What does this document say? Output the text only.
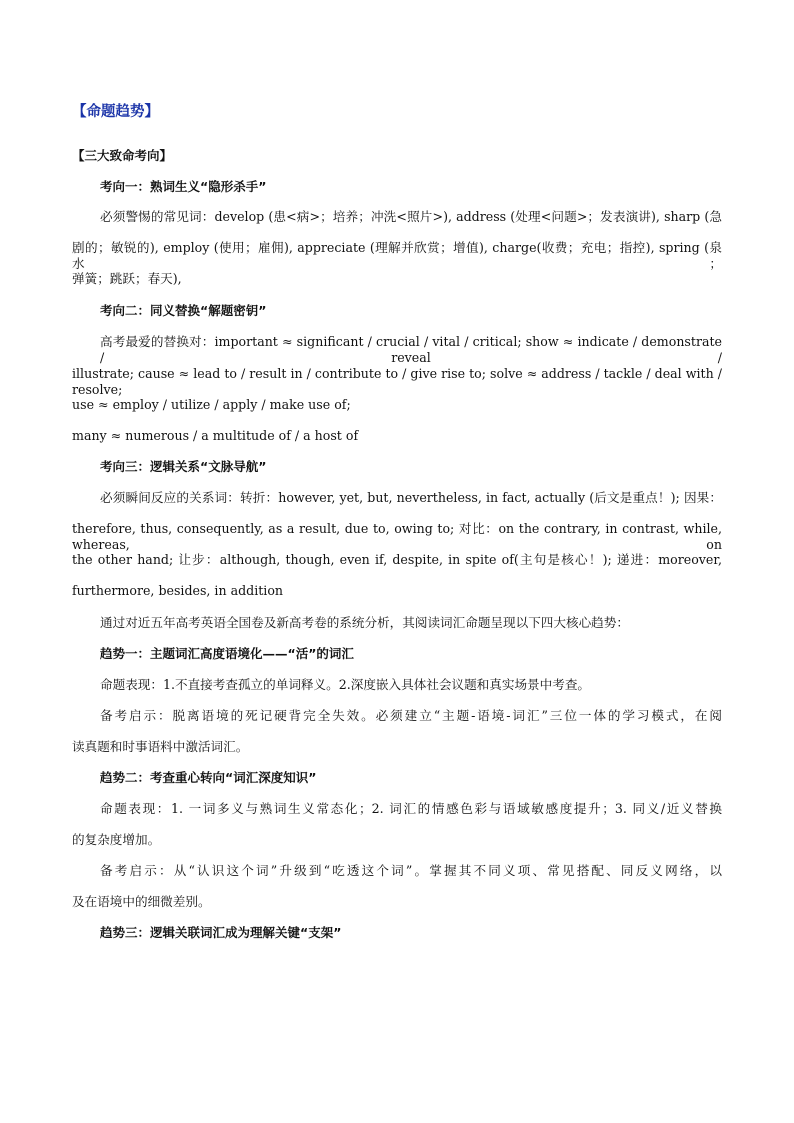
【命题趋势】
【三大致命考向】
考向一：熟词生义“隐形杀手”
必须警惕的常见词：develop (患<病>；培养；冲洗<照片>), address (处理<问题>；发表演讲), sharp (急
剧的；敏锐的), employ (使用；雇佣), appreciate (理解并欣赏；增值), charge(收费；充电；指控), spring (泉水；
弹簧；跳跃；春天),
考向二：同义替换“解题密钥”
高考最爱的替换对：important ≈ significant / crucial / vital / critical; show ≈ indicate / demonstrate / reveal /
illustrate; cause ≈ lead to / result in / contribute to / give rise to; solve ≈ address / tackle / deal with / resolve;
use ≈ employ / utilize / apply / make use of;
many ≈ numerous / a multitude of / a host of
考向三：逻辑关系“文脉导航”
必须瞬间反应的关系词：转折：however, yet, but, nevertheless, in fact, actually (后文是重点！); 因果：
therefore, thus, consequently, as a result, due to, owing to; 对比：on the contrary, in contrast, while, whereas, on
the other hand; 让步：although, though, even if, despite, in spite of(主句是核心！); 递进：moreover,
furthermore, besides, in addition
通过对近五年高考英语全国卷及新高考卷的系统分析，其阅读词汇命题呈现以下四大核心趋势：
趋势一：主题词汇高度语境化——“活”的词汇
命题表现：1.不直接考查孤立的单词释义。2.深度嵌入具体社会议题和真实场景中考查。
备考启示：脱离语境的死记硬背完全失效。必须建立“主题-语境-词汇”三位一体的学习模式，在阅
读真题和时事语料中激活词汇。
趋势二：考查重心转向“词汇深度知识”
命题表现：1. 一词多义与熟词生义常态化；2. 词汇的情感色彩与语域敏感度提升；3. 同义/近义替换
的复杂度增加。
备考启示：从“认识这个词”升级到“吃透这个词”。掌握其不同义项、常见搭配、同反义网络，以
及在语境中的细微差别。
趋势三：逻辑关联词汇成为理解关键“支架”
